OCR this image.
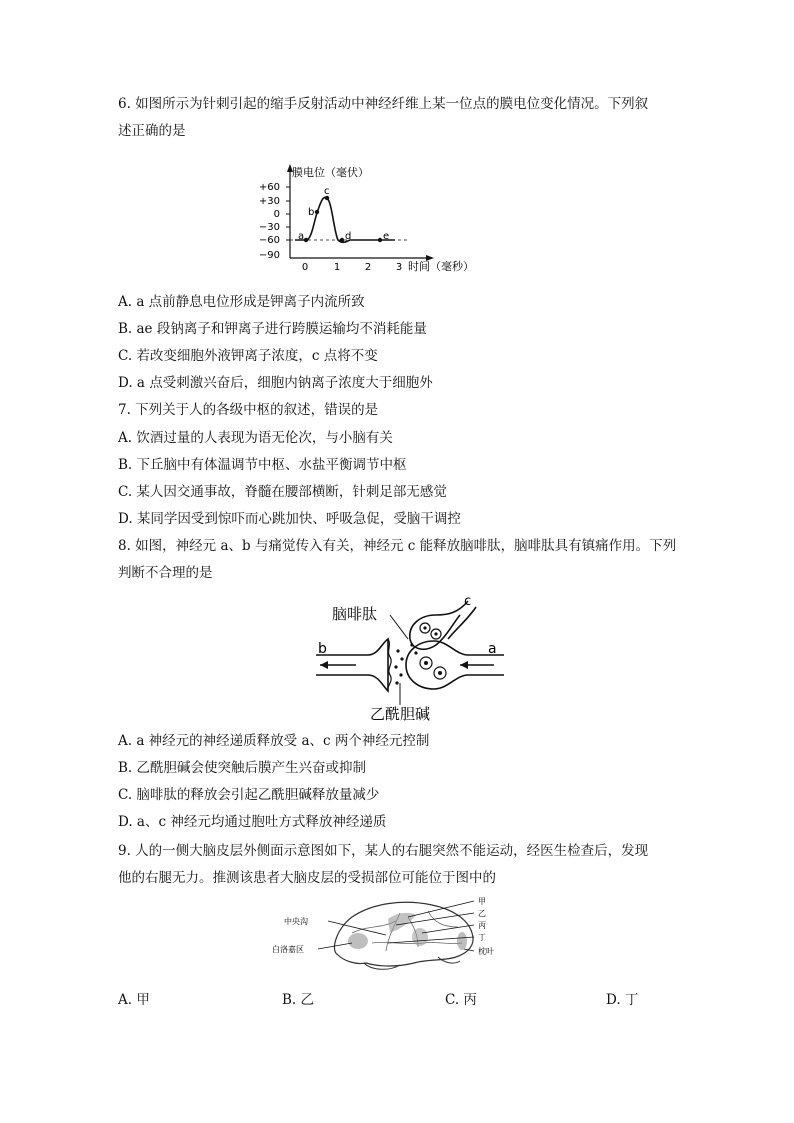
6. 如图所示为针刺引起的缩手反射活动中神经纤维上某一位点的膜电位变化情况。下列叙
述正确的是
+60
+30
0
−30
−60
−90
0	1 2 3
a
b
c
d	e
膜电位（毫伏）
时间（毫秒）
A. a 点前静息电位形成是钾离子内流所致
B. ae 段钠离子和钾离子进行跨膜运输均不消耗能量
C. 若改变细胞外液钾离子浓度，c 点将不变
D. a 点受刺激兴奋后，细胞内钠离子浓度大于细胞外
7. 下列关于人的各级中枢的叙述，错误的是
A. 饮酒过量的人表现为语无伦次，与小脑有关
B. 下丘脑中有体温调节中枢、水盐平衡调节中枢
C. 某人因交通事故，脊髓在腰部横断，针刺足部无感觉
D. 某同学因受到惊吓而心跳加快、呼吸急促，受脑干调控
8. 如图，神经元 a、b 与痛觉传入有关，神经元 c 能释放脑啡肽，脑啡肽具有镇痛作用。下列
判断不合理的是
脑啡肽
乙酰胆碱
b	a
c
A. a 神经元的神经递质释放受 a、c 两个神经元控制
B. 乙酰胆碱会使突触后膜产生兴奋或抑制
C. 脑啡肽的释放会引起乙酰胆碱释放量减少
D. a、c 神经元均通过胞吐方式释放神经递质
9. 人的一侧大脑皮层外侧面示意图如下，某人的右腿突然不能运动，经医生检查后，发现
他的右腿无力。推测该患者大脑皮层的受损部位可能位于图中的
中央沟
白洛嘉区
甲
乙
丙
丁
枕叶
A. 甲	B. 乙	C. 丙	D. 丁
